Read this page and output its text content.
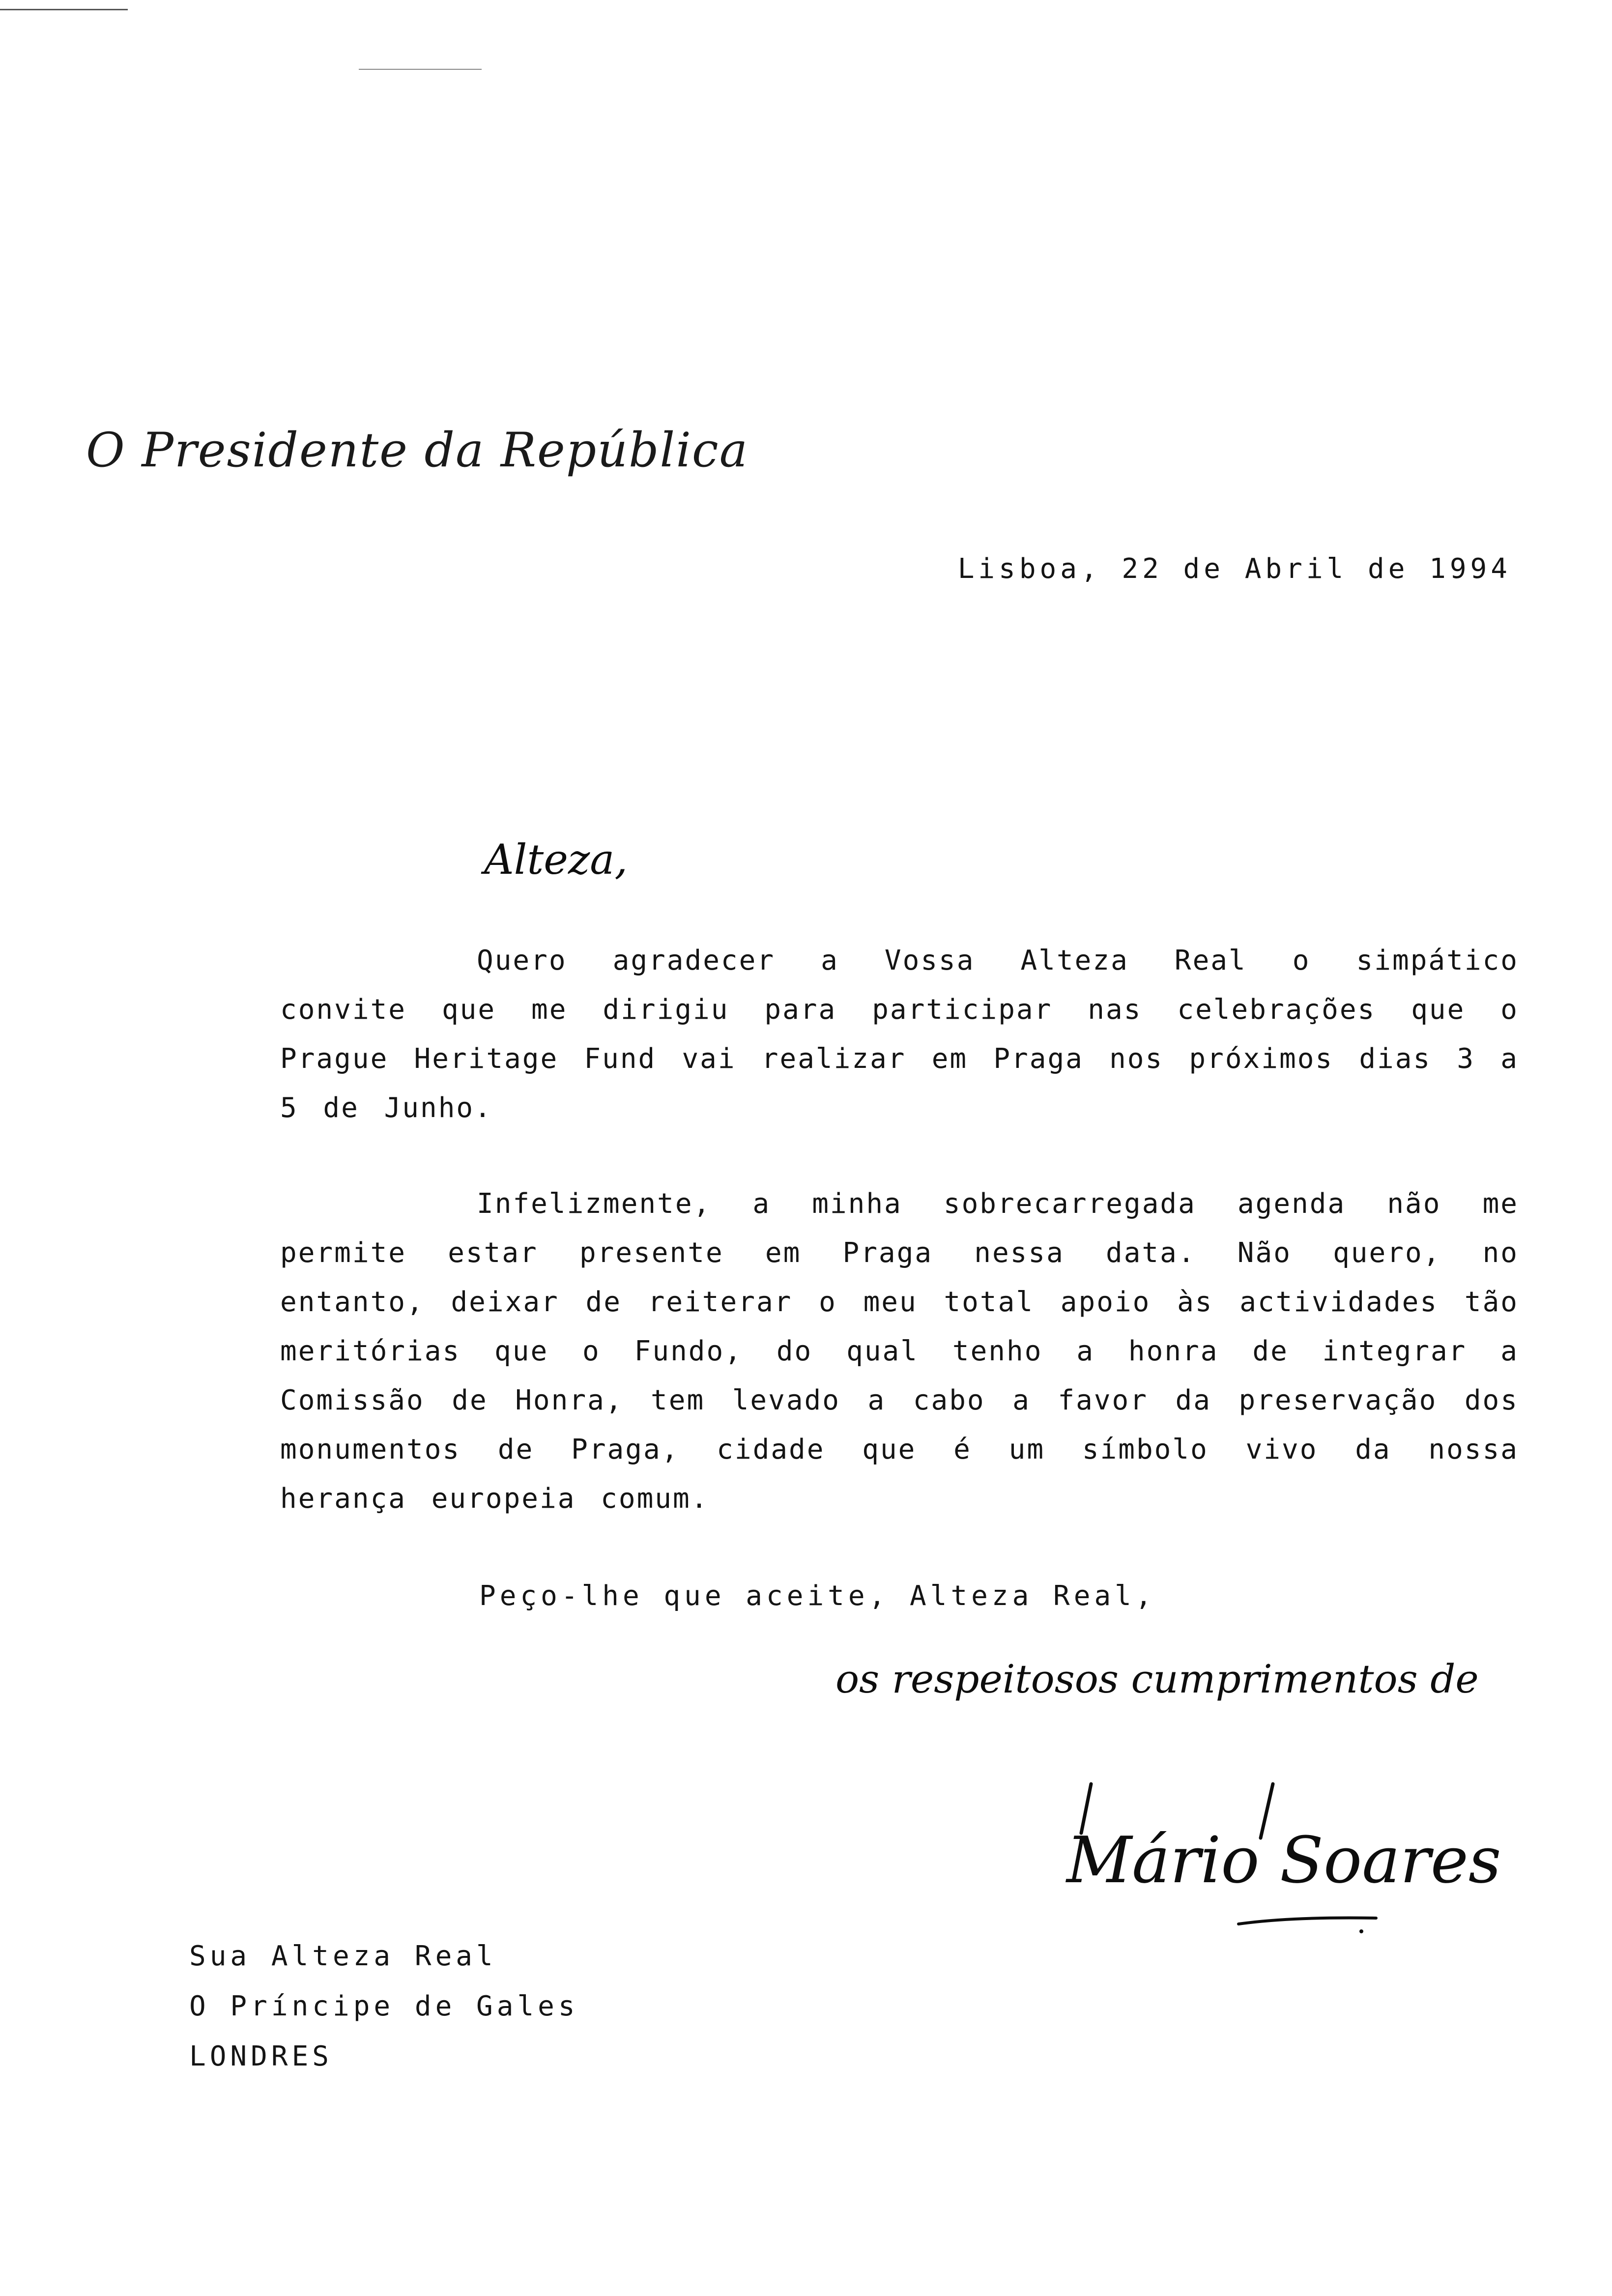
O Presidente da República
Lisboa, 22 de Abril de 1994
Alteza,
Quero agradecer a Vossa Alteza Real o simpático convite que me dirigiu para participar nas celebrações que o Prague Heritage Fund vai realizar em Praga nos próximos dias 3 a 5 de Junho.
Infelizmente, a minha sobrecarregada agenda não me permite estar presente em Praga nessa data. Não quero, no entanto, deixar de reiterar o meu total apoio às actividades tão meritórias que o Fundo, do qual tenho a honra de integrar a Comissão de Honra, tem levado a cabo a favor da preservação dos monumentos de Praga, cidade que é um símbolo vivo da nossa herança europeia comum.
Peço-lhe que aceite, Alteza Real,
os respeitosos cumprimentos de
Mário Soares
Sua Alteza Real
O Príncipe de Gales
LONDRES
